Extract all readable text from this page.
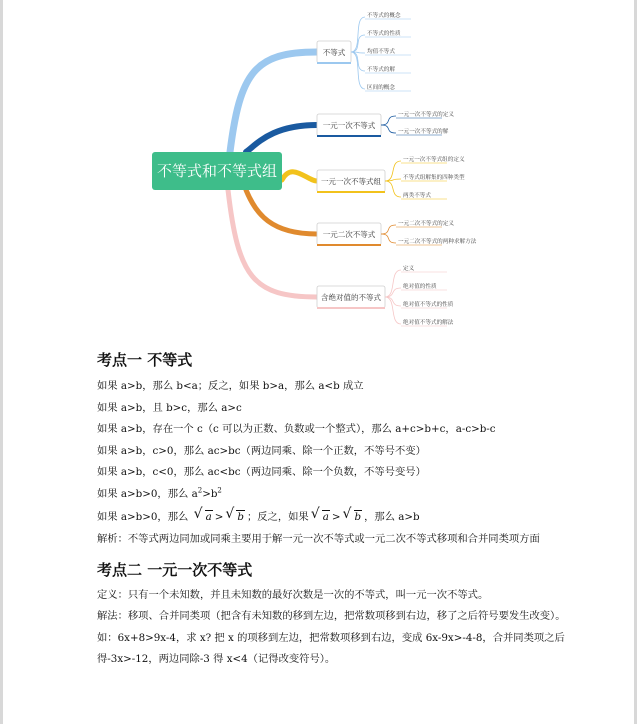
不等式
不等式的概念
不等式的性质
均值不等式
不等式的解
区间的概念
一元一次不等式
一元一次不等式的定义
一元一次不等式的解
一元一次不等式组
一元一次不等式组的定义
不等式组解集的四种类型
两类不等式
一元二次不等式
一元二次不等式的定义
一元二次不等式的两种求解方法
含绝对值的不等式
定义
绝对值的性质
绝对值不等式的性质
绝对值不等式的解法
不等式和不等式组

考点一 不等式

如果 a>b，那么 b<a；反之，如果 b>a，那么 a<b 成立

如果 a>b，且 b>c，那么 a>c

如果 a>b，存在一个 c（c 可以为正数、负数或一个整式），那么 a+c>b+c，a-c>b-c

如果 a>b，c>0，那么 ac>bc（两边同乘、除一个正数，不等号不变）

如果 a>b，c<0，那么 ac<bc（两边同乘、除一个负数，不等号变号）

如果 a>b>0，那么 $a^2>b^2$

如果 a>b>0，那么 √ a > √ b ；反之，如果 √ a > √ b ，那么 a>b

解析：不等式两边同加或同乘主要用于解一元一次不等式或一元二次不等式移项和合并同类项方面

考点二 一元一次不等式

定义：只有一个未知数，并且未知数的最好次数是一次的不等式，叫一元一次不等式。

解法：移项、合并同类项（把含有未知数的移到左边，把常数项移到右边，移了之后符号要发生改变）。

如：6x+8>9x-4，求 x? 把 x 的项移到左边，把常数项移到右边，变成 6x-9x>-4-8，合并同类项之后得-3x>-12，两边同除-3 得 x<4（记得改变符号）。
